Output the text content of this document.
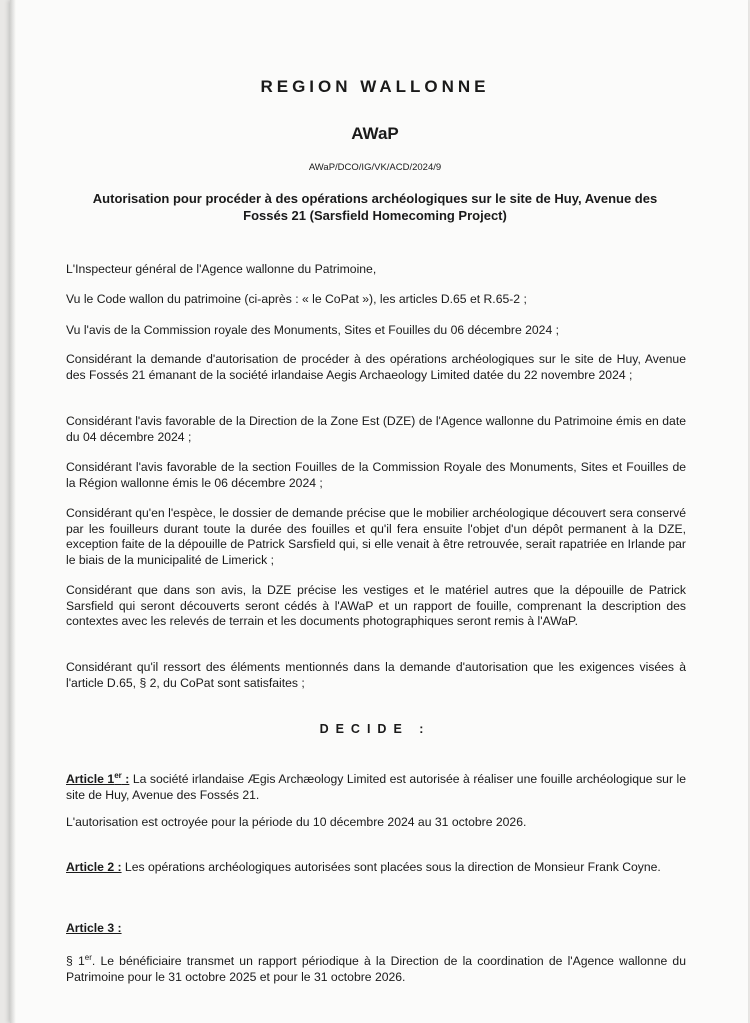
REGION WALLONNE
AWaP
AWaP/DCO/IG/VK/ACD/2024/9
Autorisation pour procéder à des opérations archéologiques sur le site de Huy, Avenue des Fossés 21 (Sarsfield Homecoming Project)
L'Inspecteur général de l'Agence wallonne du Patrimoine,
Vu le Code wallon du patrimoine (ci-après : « le CoPat »), les articles D.65 et R.65-2 ;
Vu l'avis de la Commission royale des Monuments, Sites et Fouilles du 06 décembre 2024 ;
Considérant la demande d'autorisation de procéder à des opérations archéologiques sur le site de Huy, Avenue des Fossés 21 émanant de la société irlandaise Aegis Archaeology Limited datée du 22 novembre 2024 ;
Considérant l'avis favorable de la Direction de la Zone Est (DZE) de l'Agence wallonne du Patrimoine émis en date du 04 décembre 2024 ;
Considérant l'avis favorable de la section Fouilles de la Commission Royale des Monuments, Sites et Fouilles de la Région wallonne émis le 06 décembre 2024 ;
Considérant qu'en l'espèce, le dossier de demande précise que le mobilier archéologique découvert sera conservé par les fouilleurs durant toute la durée des fouilles et qu'il fera ensuite l'objet d'un dépôt permanent à la DZE, exception faite de la dépouille de Patrick Sarsfield qui, si elle venait à être retrouvée, serait rapatriée en Irlande par le biais de la municipalité de Limerick ;
Considérant que dans son avis, la DZE précise les vestiges et le matériel autres que la dépouille de Patrick Sarsfield qui seront découverts seront cédés à l'AWaP et un rapport de fouille, comprenant la description des contextes avec les relevés de terrain et les documents photographiques seront remis à l'AWaP.
Considérant qu'il ressort des éléments mentionnés dans la demande d'autorisation que les exigences visées à l'article D.65, § 2, du CoPat sont satisfaites ;
DECIDE :
Article 1er : La société irlandaise Ægis Archæology Limited est autorisée à réaliser une fouille archéologique sur le site de Huy, Avenue des Fossés 21.
L'autorisation est octroyée pour la période du 10 décembre 2024 au 31 octobre 2026.
Article 2 : Les opérations archéologiques autorisées sont placées sous la direction de Monsieur Frank Coyne.
Article 3 :
§ 1er. Le bénéficiaire transmet un rapport périodique à la Direction de la coordination de l'Agence wallonne du Patrimoine pour le 31 octobre 2025 et pour le 31 octobre 2026.
